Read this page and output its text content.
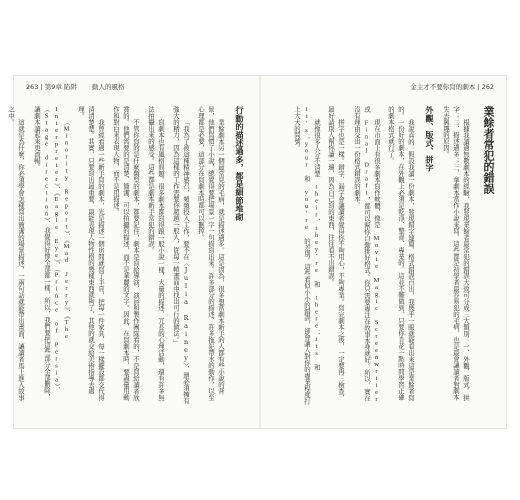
263 | 第9章 陷阱　　 動人的風格
行動的描述過多，都是細節堆砌
業餘劇本另一個最常見的毛病，就是描述過多。這是因為，很多想當劇本新手的人都有些小說的背景，他們寫慣了小說，總覺得要把場景一字一句描寫出來。許多部分的描述、許多拖泥帶水的動作，以至心理都是必要，這部分在寫劇本時都可以刪掉。
「我為了被這種精神感召，頻頻投入工作，要不在〈Julia Rainey〉，還必須擁有強大的精力，因為這樣的工作需要你超越一般人，從每一幀畫面中找出可行的做法。」
寫劇本也有風格問題。很多劇本都寫得跟一般小說一樣，大量的描述、冗長的心理活動，還有許多無法拍攝出來的感受。這些都是劇本新手常犯的錯誤。
不管你寫的是什麼類型的劇本，都要記住，劇本是寫給導演、演員和製作團隊看的，不是寫給讀者欣賞的。他們需要的是清楚、簡潔、可以拍攝的描述，而不是華麗的文字。因此，在寫劇本時，要盡量用動作和對白來表現人物，而不是用描述。
我曾經看過一些新手寫的劇本，光是描述一個房間就寫了半頁，把每一件家具、每一樣擺設都交代得清清楚楚。其實，只要寫出最重要、最能表現人物性格的幾樣東西就夠了，其他的就交給美術指導去處理。
（Minority Report）、《Mad Jerry》、《The Interpreter》、《Eagle Eye》、（Prince of Persia）、（Stage direction）、我覺得好像全部都一樣，所以，我們要把這些部分全部刪除，讓劇本讀起來更流暢。
這就是為什麼，你必須學會怎樣寫出簡潔的場景描述，一兩句話就能帶出畫面，讓讀者馬上進入故事之中。
金主才不要你寫的劇本 | 262
業餘者常犯的錯誤
根據我讀過無數劇本的經驗，我發現業餘者最常犯的錯誤大致可分成三大類別：一、外觀、版式、拼字；二、描述過多；三、拿劇本當作小說來寫。這些都是初學者最容易犯的毛病，也是最會讓讀者對劇本失去興趣的原因。
外觀、版式、拼字
我說真的：假設我讀一份劇本，發現錯字連篇、格式錯誤百出，我幾乎一眼就能看出來這是業餘者寫的。一份好的劇本，在外觀上必須是乾淨、整齊、專業的。這並不難做到，只要你肯花一點時間學習正確的劇本格式就行了。
現在市面上有很多劇本寫作軟體，像是 Movie Magic Screenwriter 或 Final Draft，都可以幫你自動排好格式。你只需要專注在故事本身就好。所以，實在沒有理由交出一份格式錯誤的劇本。
拼字也是一樣。錯字、漏字會讓讀者覺得你不夠用心，不夠專業。寫完劇本之後，一定要再三檢查，最好請別人幫你讀一遍，因為自己寫的東西，往往看不出錯誤。
就像很多人分不清楚 their、they're 和 there；its 和 it's；your 和 you're 的差別。這些看似小小的錯誤，卻會讓人對你的專業程度打上大大的問號。
